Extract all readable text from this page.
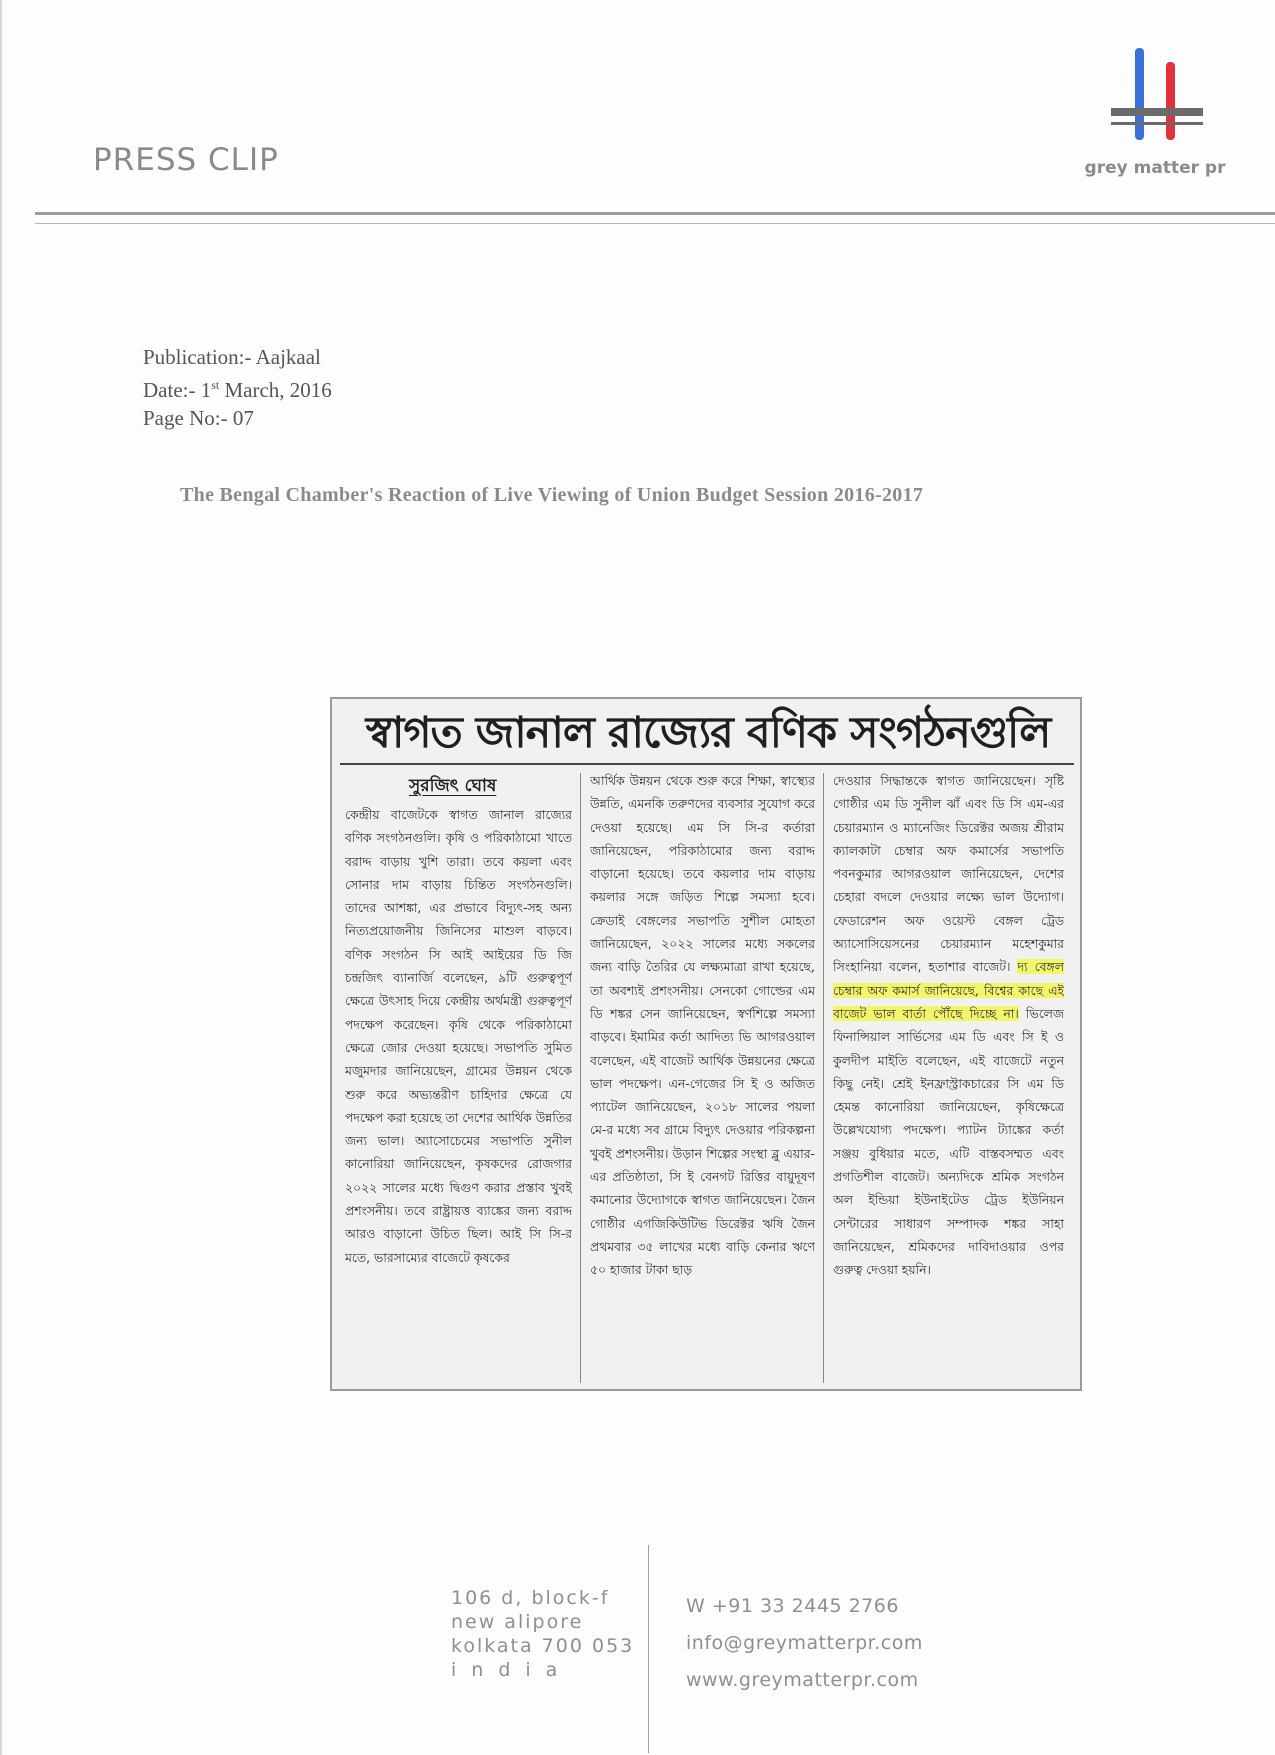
PRESS CLIP	grey matter pr
Publication:- Aajkaal
Date:- 1st March, 2016
Page No:- 07
The Bengal Chamber's Reaction of Live Viewing of Union Budget Session 2016-2017
স্বাগত জানাল রাজ্যের বণিক সংগঠনগুলি
সুরজিৎ ঘোষ
কেন্দ্রীয় বাজেটকে স্বাগত জানাল রাজ্যের বণিক সংগঠনগুলি। কৃষি ও পরিকাঠামো খাতে বরাদ্দ বাড়ায় খুশি তারা। তবে কয়লা এবং সোনার দাম বাড়ায় চিন্তিত সংগঠনগুলি। তাদের আশঙ্কা, এর প্রভাবে বিদ্যুৎ-সহ অন্য নিত্যপ্রয়োজনীয় জিনিসের মাশুল বাড়বে। বণিক সংগঠন সি আই আইয়ের ডি জি চন্দ্রজিৎ ব্যানার্জি বলেছেন, ৯টি গুরুত্বপূর্ণ ক্ষেত্রে উৎসাহ দিয়ে কেন্দ্রীয় অর্থমন্ত্রী গুরুত্বপূর্ণ পদক্ষেপ করেছেন। কৃষি থেকে পরিকাঠামো ক্ষেত্রে জোর দেওয়া হয়েছে। সভাপতি সুমিত মজুমদার জানিয়েছেন, গ্রামের উন্নয়ন থেকে শুরু করে অভ্যন্তরীণ চাহিদার ক্ষেত্রে যে পদক্ষেপ করা হয়েছে তা দেশের আর্থিক উন্নতির জন্য ভাল। অ্যাসোচেমের সভাপতি সুনীল কানোরিয়া জানিয়েছেন, কৃষকদের রোজগার ২০২২ সালের মধ্যে দ্বিগুণ করার প্রস্তাব খুবই প্রশংসনীয়। তবে রাষ্ট্রায়ত্ত ব্যাঙ্কের জন্য বরাদ্দ আরও বাড়ানো উচিত ছিল। আই সি সি-র মতে, ভারসাম্যের বাজেটে কৃষকের
আর্থিক উন্নয়ন থেকে শুরু করে শিক্ষা, স্বাস্থ্যের উন্নতি, এমনকি তরুণদের ব্যবসার সুযোগ করে দেওয়া হয়েছে। এম সি সি-র কর্তারা জানিয়েছেন, পরিকাঠামোর জন্য বরাদ্দ বাড়ানো হয়েছে। তবে কয়লার দাম বাড়ায় কয়লার সঙ্গে জড়িত শিল্পে সমস্যা হবে। ক্রেডাই বেঙ্গলের সভাপতি সুশীল মোহতা জানিয়েছেন, ২০২২ সালের মধ্যে সকলের জন্য বাড়ি তৈরির যে লক্ষ্যমাত্রা রাখা হয়েছে, তা অবশ্যই প্রশংসনীয়। সেনকো গোল্ডের এম ডি শঙ্কর সেন জানিয়েছেন, স্বর্ণশিল্পে সমস্যা বাড়বে। ইমামির কর্তা আদিত্য ভি আগরওয়াল বলেছেন, এই বাজেট আর্থিক উন্নয়নের ক্ষেত্রে ভাল পদক্ষেপ। এন-গেজের সি ই ও অজিত প্যাটেল জানিয়েছেন, ২০১৮ সালের পয়লা মে-র মধ্যে সব গ্রামে বিদ্যুৎ দেওয়ার পরিকল্পনা খুবই প্রশংসনীয়। উড়ান শিল্পের সংস্থা ব্লু এয়ার-এর প্রতিষ্ঠাতা, সি ই বেনগট রিত্তির বায়ুদূষণ কমানোর উদ্যোগকে স্বাগত জানিয়েছেন। জৈন গোষ্ঠীর এগজিকিউটিভ ডিরেক্টর ঋষি জৈন প্রথমবার ৩৫ লাখের মধ্যে বাড়ি কেনার ঋণে ৫০ হাজার টাকা ছাড়
দেওয়ার সিদ্ধান্তকে স্বাগত জানিয়েছেন। সৃষ্টি গোষ্ঠীর এম ডি সুনীল ঝাঁ এবং ডি সি এম-এর চেয়ারম্যান ও ম্যানেজিং ডিরেক্টর অজয় শ্রীরাম ক্যালকাটা চেম্বার অফ কমার্সের সভাপতি পবনকুমার আগরওয়াল জানিয়েছেন, দেশের চেহারা বদলে দেওয়ার লক্ষ্যে ভাল উদ্যোগ। ফেডারেশন অফ ওয়েস্ট বেঙ্গল ট্রেড অ্যাসোসিয়েসনের চেয়ারম্যান মহেশকুমার সিংহানিয়া বলেন, হতাশার বাজেট। দ্য বেঙ্গল চেম্বার অফ কমার্স জানিয়েছে, বিশ্বের কাছে এই বাজেট ভাল বার্তা পৌঁছে দিচ্ছে না। ভিলেজ ফিনান্সিয়াল সার্ভিসের এম ডি এবং সি ই ও কুলদীপ মাইতি বলেছেন, এই বাজেটে নতুন কিছু নেই। শ্রেই ইনফ্রাস্ট্রাকচারের সি এম ডি হেমন্ত কানোরিয়া জানিয়েছেন, কৃষিক্ষেত্রে উল্লেখযোগ্য পদক্ষেপ। প্যাটন ট্যাঙ্কের কর্তা সঞ্জয় বুধিয়ার মতে, এটি বাস্তবসম্মত এবং প্রগতিশীল বাজেট। অন্যদিকে শ্রমিক সংগঠন অল ইন্ডিয়া ইউনাইটেড ট্রেড ইউনিয়ন সেন্টারের সাধারণ সম্পাদক শঙ্কর সাহা জানিয়েছেন, শ্রমিকদের দাবিদাওয়ার ওপর গুরুত্ব দেওয়া হয়নি।
106 d, block-f
new alipore
kolkata 700 053
india
W +91 33 2445 2766
info@greymatterpr.com
www.greymatterpr.com
